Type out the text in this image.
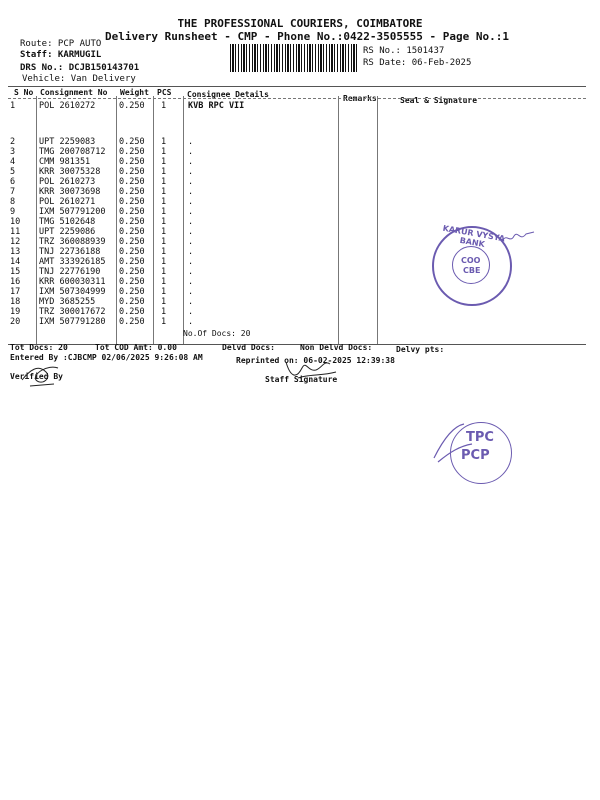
THE PROFESSIONAL COURIERS, COIMBATORE
Delivery Runsheet - CMP - Phone No.:0422-3505555 - Page No.:1
Route: PCP AUTO
Staff: KARMUGIL
DRS No.: DCJB150143701
Vehicle: Van Delivery
RS No.: 1501437
RS Date: 06-Feb-2025
S No Consignment No Weight PCS Consignee Details	Remarks	Seal & Signature
1	POL 2610272	0.250 1	KVB RPC VII
2	UPT 2259083	0.250 1	.
3	TMG 200708712 0.250 1	.
4	CMM 981351	0.250 1	.
5	KRR 30075328 0.250 1	.
6	POL 2610273	0.250 1	.
7	KRR 30073698 0.250 1	.
8	POL 2610271	0.250 1	.
9	IXM 507791200 0.250 1	.
10 TMG 5102648	0.250 1	.
11 UPT 2259086	0.250 1	.
12 TRZ 360088939 0.250 1	.
13 TNJ 22736188 0.250 1	.
14 AMT 333926185 0.250 1	.
15 TNJ 22776190 0.250 1	.
16 KRR 600030311 0.250 1	.
17 IXM 507304999 0.250 1	.
18 MYD 3685255	0.250 1	.
19 TRZ 300017672 0.250 1	.
20 IXM 507791280 0.250 1	.
No.Of Docs: 20
Tot Docs: 20	Tot COD Amt: 0.00	Delvd Docs:	Non Delvd Docs:	Delvy pts:
Entered By :CJBCMP 02/06/2025 9:26:08 AM	Reprinted on: 06-02-2025 12:39:38
Verified By	Staff Signature
KARUR VYSYA BANK
COO
CBE
TPC
PCP
